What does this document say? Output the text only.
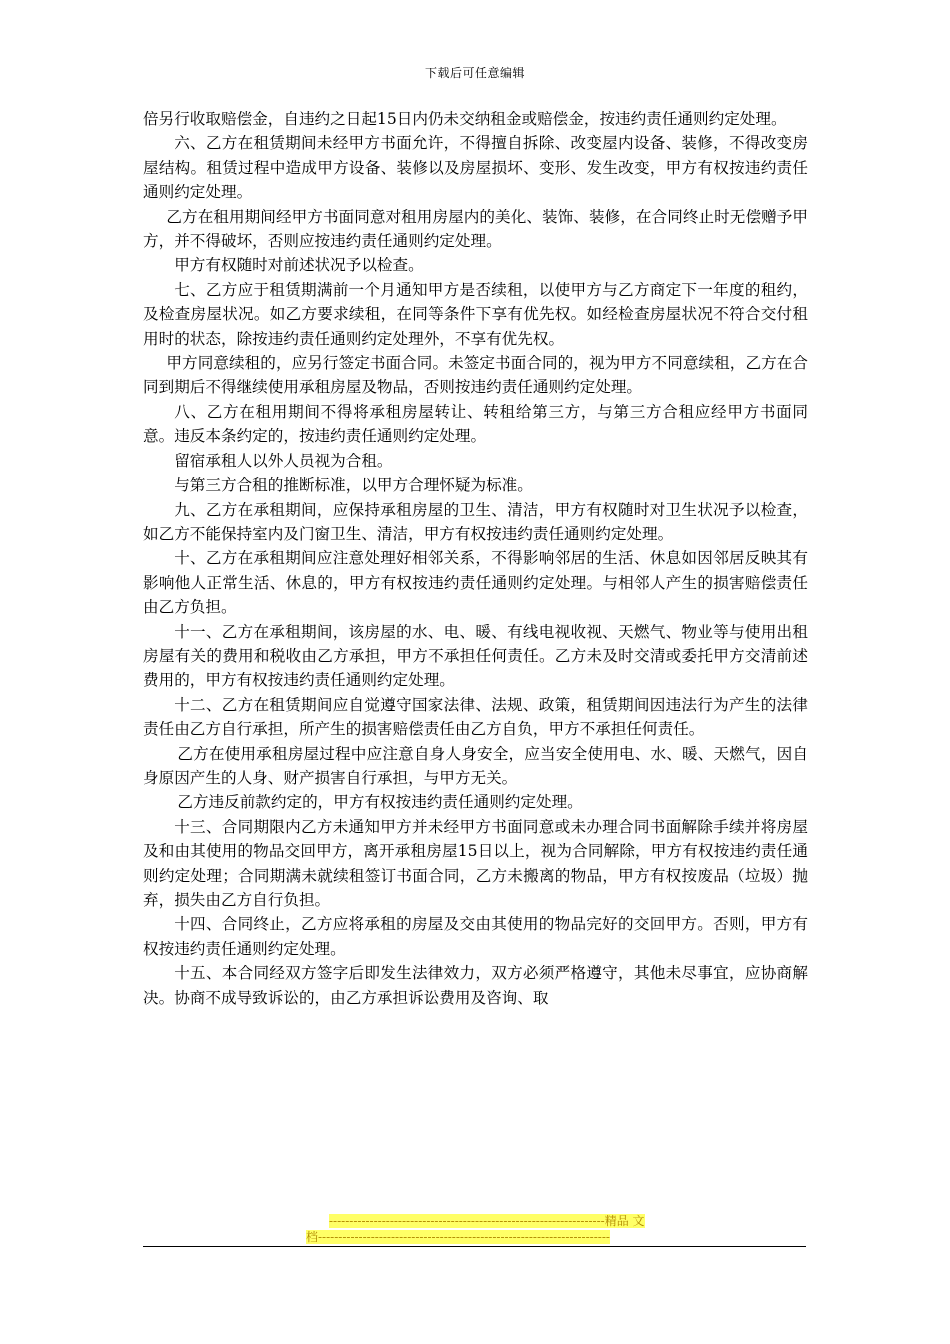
下载后可任意编辑

倍另行收取赔偿金，自违约之日起15日内仍未交纳租金或赔偿金，按违约责任通则约定处理。

六、乙方在租赁期间未经甲方书面允许，不得擅自拆除、改变屋内设备、装修，不得改变房屋结构。租赁过程中造成甲方设备、装修以及房屋损坏、变形、发生改变，甲方有权按违约责任通则约定处理。

乙方在租用期间经甲方书面同意对租用房屋内的美化、装饰、装修，在合同终止时无偿赠予甲方，并不得破坏，否则应按违约责任通则约定处理。

甲方有权随时对前述状况予以检查。

七、乙方应于租赁期满前一个月通知甲方是否续租，以使甲方与乙方商定下一年度的租约，及检查房屋状况。如乙方要求续租，在同等条件下享有优先权。如经检查房屋状况不符合交付租用时的状态，除按违约责任通则约定处理外，不享有优先权。

甲方同意续租的，应另行签定书面合同。未签定书面合同的，视为甲方不同意续租，乙方在合同到期后不得继续使用承租房屋及物品，否则按违约责任通则约定处理。

八、乙方在租用期间不得将承租房屋转让、转租给第三方，与第三方合租应经甲方书面同意。违反本条约定的，按违约责任通则约定处理。

留宿承租人以外人员视为合租。

与第三方合租的推断标准，以甲方合理怀疑为标准。

九、乙方在承租期间，应保持承租房屋的卫生、清洁，甲方有权随时对卫生状况予以检查，如乙方不能保持室内及门窗卫生、清洁，甲方有权按违约责任通则约定处理。

十、乙方在承租期间应注意处理好相邻关系，不得影响邻居的生活、休息如因邻居反映其有影响他人正常生活、休息的，甲方有权按违约责任通则约定处理。与相邻人产生的损害赔偿责任由乙方负担。

十一、乙方在承租期间，该房屋的水、电、暖、有线电视收视、天燃气、物业等与使用出租房屋有关的费用和税收由乙方承担，甲方不承担任何责任。乙方未及时交清或委托甲方交清前述费用的，甲方有权按违约责任通则约定处理。

十二、乙方在租赁期间应自觉遵守国家法律、法规、政策，租赁期间因违法行为产生的法律责任由乙方自行承担，所产生的损害赔偿责任由乙方自负，甲方不承担任何责任。

乙方在使用承租房屋过程中应注意自身人身安全，应当安全使用电、水、暖、天燃气，因自身原因产生的人身、财产损害自行承担，与甲方无关。

乙方违反前款约定的，甲方有权按违约责任通则约定处理。

十三、合同期限内乙方未通知甲方并未经甲方书面同意或未办理合同书面解除手续并将房屋及和由其使用的物品交回甲方，离开承租房屋15日以上，视为合同解除，甲方有权按违约责任通则约定处理；合同期满未就续租签订书面合同，乙方未搬离的物品，甲方有权按废品（垃圾）抛弃，损失由乙方自行负担。

十四、合同终止，乙方应将承租的房屋及交由其使用的物品完好的交回甲方。否则，甲方有权按违约责任通则约定处理。

十五、本合同经双方签字后即发生法律效力，双方必须严格遵守，其他未尽事宜，应协商解决。协商不成导致诉讼的，由乙方承担诉讼费用及咨询、取

--------------------------------------------------------------------精品 文
档------------------------------------------------------------------------
